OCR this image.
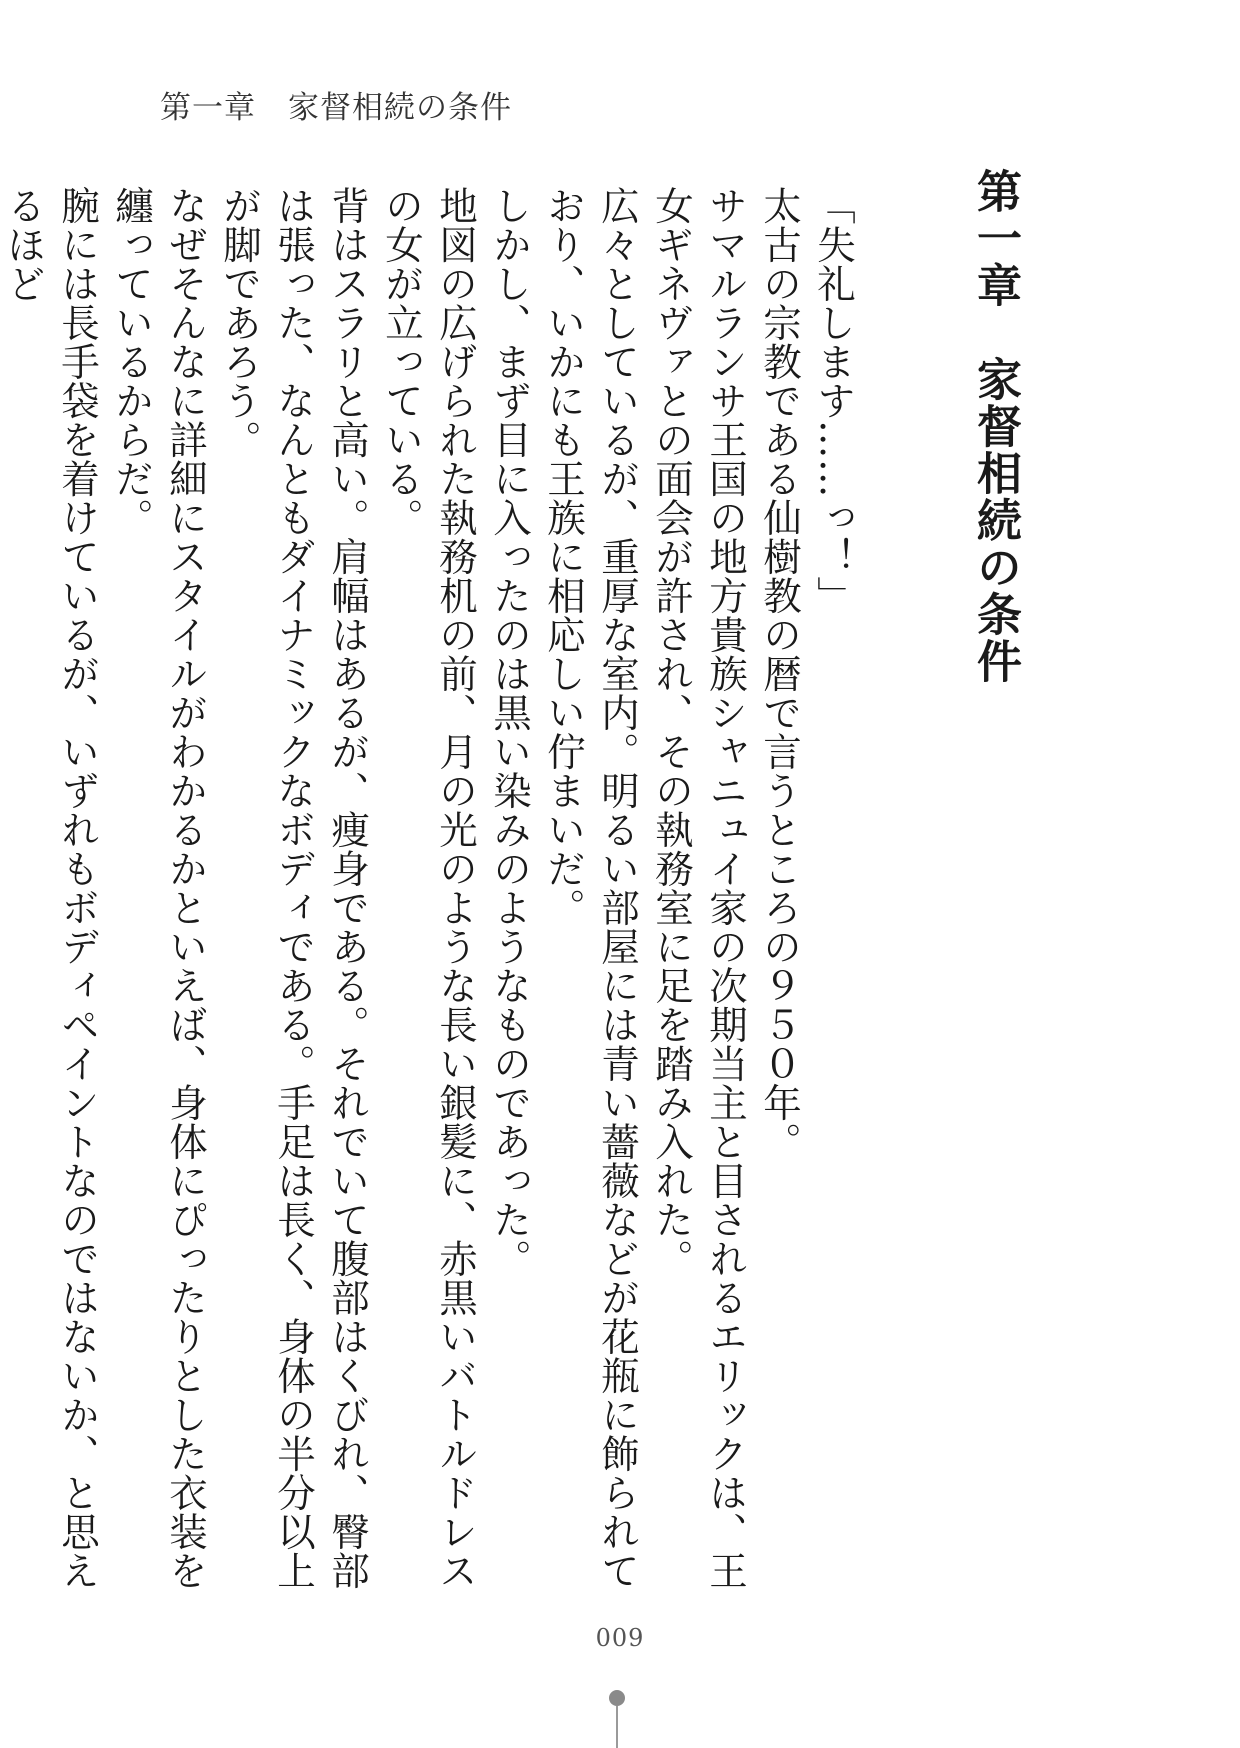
第一章　家督相続の条件
第一章　家督相続の条件

「失礼します……っ！」

太古の宗教である仙樹教の暦で言うところの９５０年。

サマルランサ王国の地方貴族シャニュイ家の次期当主と目されるエリックは、王女ギネヴァとの面会が許され、その執務室に足を踏み入れた。

広々としているが、重厚な室内。明るい部屋には青い薔薇などが花瓶に飾られており、いかにも王族に相応しい佇まいだ。

しかし、まず目に入ったのは黒い染みのようなものであった。

地図の広げられた執務机の前、月の光のような長い銀髪に、赤黒いバトルドレスの女が立っている。

背はスラリと高い。肩幅はあるが、痩身である。それでいて腹部はくびれ、臀部は張った、なんともダイナミックなボディである。手足は長く、身体の半分以上が脚であろう。

なぜそんなに詳細にスタイルがわかるかといえば、身体にぴったりとした衣装を纏っているからだ。

腕には長手袋を着けているが、いずれもボディペイントなのではないか、と思えるほど

009
